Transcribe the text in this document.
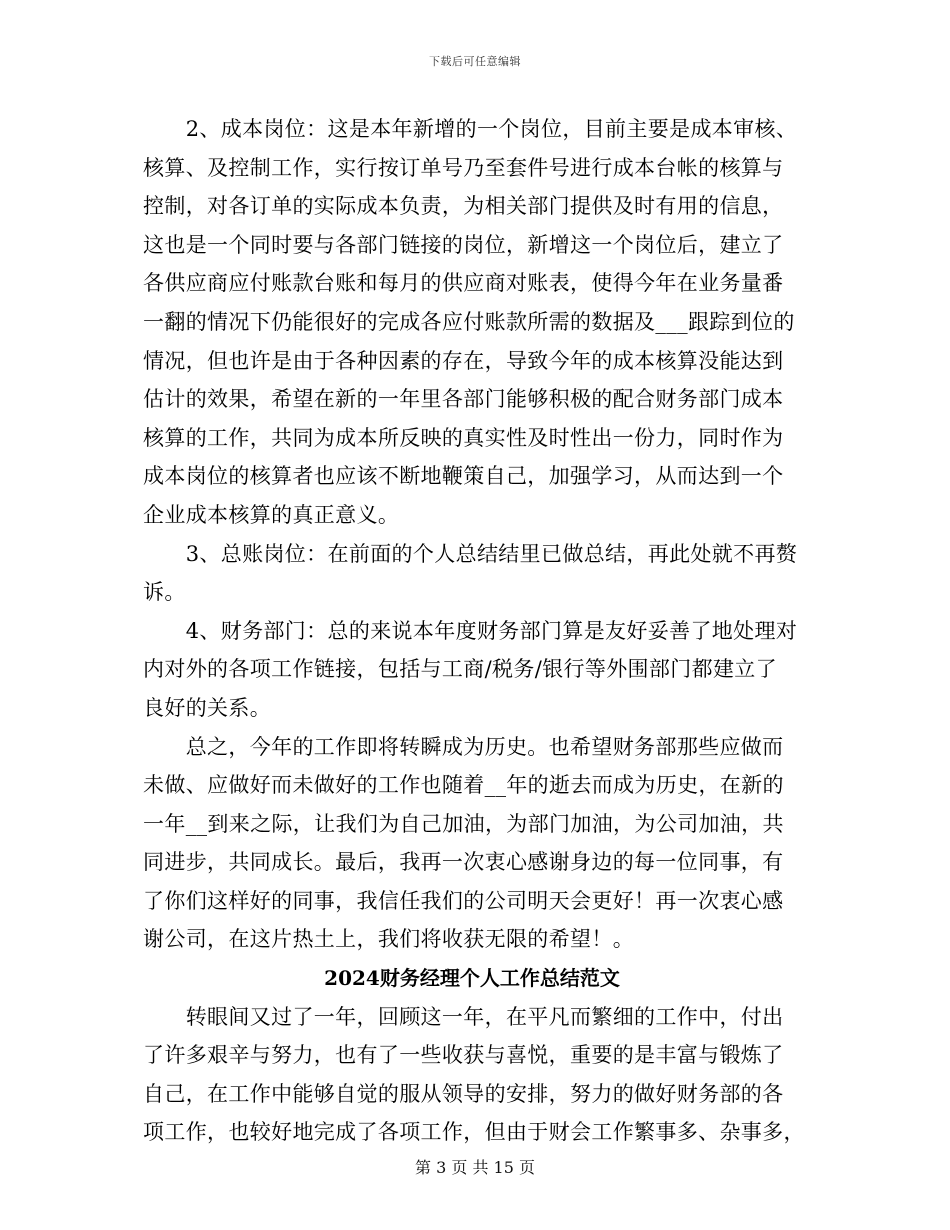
下载后可任意编辑
　　2、成本岗位：这是本年新增的一个岗位，目前主要是成本审核、
核算、及控制工作，实行按订单号乃至套件号进行成本台帐的核算与
控制，对各订单的实际成本负责，为相关部门提供及时有用的信息，
这也是一个同时要与各部门链接的岗位，新增这一个岗位后，建立了
各供应商应付账款台账和每月的供应商对账表，使得今年在业务量番
一翻的情况下仍能很好的完成各应付账款所需的数据及___跟踪到位的
情况，但也许是由于各种因素的存在，导致今年的成本核算没能达到
估计的效果，希望在新的一年里各部门能够积极的配合财务部门成本
核算的工作，共同为成本所反映的真实性及时性出一份力，同时作为
成本岗位的核算者也应该不断地鞭策自己，加强学习，从而达到一个
企业成本核算的真正意义。
　　3、总账岗位：在前面的个人总结结里已做总结，再此处就不再赘
诉。
　　4、财务部门：总的来说本年度财务部门算是友好妥善了地处理对
内对外的各项工作链接，包括与工商/税务/银行等外围部门都建立了
良好的关系。
　　总之，今年的工作即将转瞬成为历史。也希望财务部那些应做而
未做、应做好而未做好的工作也随着__年的逝去而成为历史，在新的
一年__到来之际，让我们为自己加油，为部门加油，为公司加油，共
同进步，共同成长。最后，我再一次衷心感谢身边的每一位同事，有
了你们这样好的同事，我信任我们的公司明天会更好！再一次衷心感
谢公司，在这片热土上，我们将收获无限的希望！。
2024财务经理个人工作总结范文
　　转眼间又过了一年，回顾这一年，在平凡而繁细的工作中，付出
了许多艰辛与努力，也有了一些收获与喜悦，重要的是丰富与锻炼了
自己，在工作中能够自觉的服从领导的安排，努力的做好财务部的各
项工作，也较好地完成了各项工作，但由于财会工作繁事多、杂事多，
第 3 页 共 15 页
